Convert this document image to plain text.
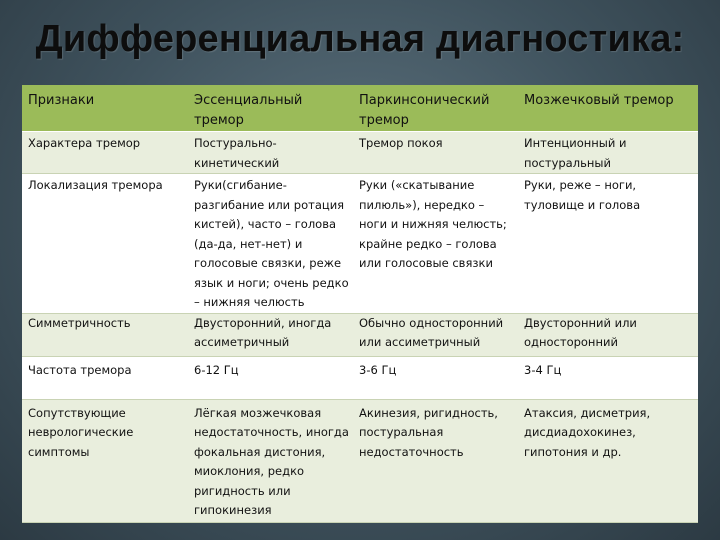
Дифференциальная диагностика:
Признаки	Эссенциальный тремор	Паркинсонический тремор	Мозжечковый тремор
Характера тремор	Постурально-кинетический	Тремор покоя	Интенционный и постуральный
Локализация тремора	Руки(сгибание-разгибание или ротация кистей), часто – голова (да-да, нет-нет) и голосовые связки, реже язык и ноги; очень редко – нижняя челюсть	Руки («скатывание пилюль»), нередко – ноги и нижняя челюсть; крайне редко – голова или голосовые связки	Руки, реже – ноги, туловище и голова
Симметричность	Двусторонний, иногда ассиметричный	Обычно односторонний или ассиметричный	Двусторонний или односторонний
Частота тремора	6-12 Гц	3-6 Гц	3-4 Гц
Сопутствующие неврологические симптомы	Лёгкая мозжечковая недостаточность, иногда фокальная дистония, миоклония, редко ригидность или гипокинезия	Акинезия, ригидность, постуральная недостаточность	Атаксия, дисметрия, дисдиадохокинез, гипотония и др.
